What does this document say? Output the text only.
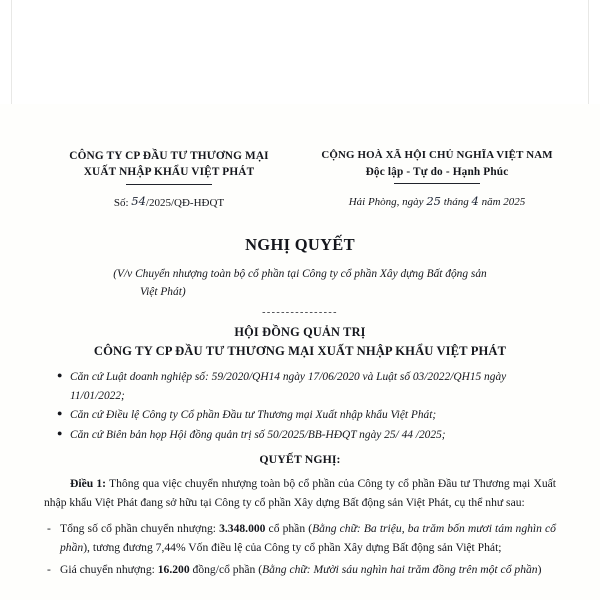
CÔNG TY CP ĐẦU TƯ THƯƠNG MẠI
XUẤT NHẬP KHẨU VIỆT PHÁT
Số: 54/2025/QĐ-HĐQT
CỘNG HOÀ XÃ HỘI CHỦ NGHĨA VIỆT NAM
Độc lập - Tự do - Hạnh Phúc
Hải Phòng, ngày 25 tháng 4 năm 2025
NGHỊ QUYẾT
(V/v Chuyển nhượng toàn bộ cổ phần tại Công ty cổ phần Xây dựng Bất động sản
Việt Phát)
----------------
HỘI ĐỒNG QUẢN TRỊ
CÔNG TY CP ĐẦU TƯ THƯƠNG MẠI XUẤT NHẬP KHẨU VIỆT PHÁT
● Căn cứ Luật doanh nghiệp số: 59/2020/QH14 ngày 17/06/2020 và Luật số 03/2022/QH15 ngày 11/01/2022;
● Căn cứ Điều lệ Công ty Cổ phần Đầu tư Thương mại Xuất nhập khẩu Việt Phát;
● Căn cứ Biên bản họp Hội đồng quản trị số 50/2025/BB-HĐQT ngày 25/ 44 /2025;
QUYẾT NGHỊ:
Điều 1: Thông qua việc chuyển nhượng toàn bộ cổ phần của Công ty cổ phần Đầu tư Thương mại Xuất nhập khẩu Việt Phát đang sở hữu tại Công ty cổ phần Xây dựng Bất động sản Việt Phát, cụ thể như sau:
- Tổng số cổ phần chuyển nhượng: 3.348.000 cổ phần (Bằng chữ: Ba triệu, ba trăm bốn mươi tám nghìn cổ phần), tương đương 7,44% Vốn điều lệ của Công ty cổ phần Xây dựng Bất động sản Việt Phát;
- Giá chuyển nhượng: 16.200 đồng/cổ phần (Bằng chữ: Mười sáu nghìn hai trăm đồng trên một cổ phần)
